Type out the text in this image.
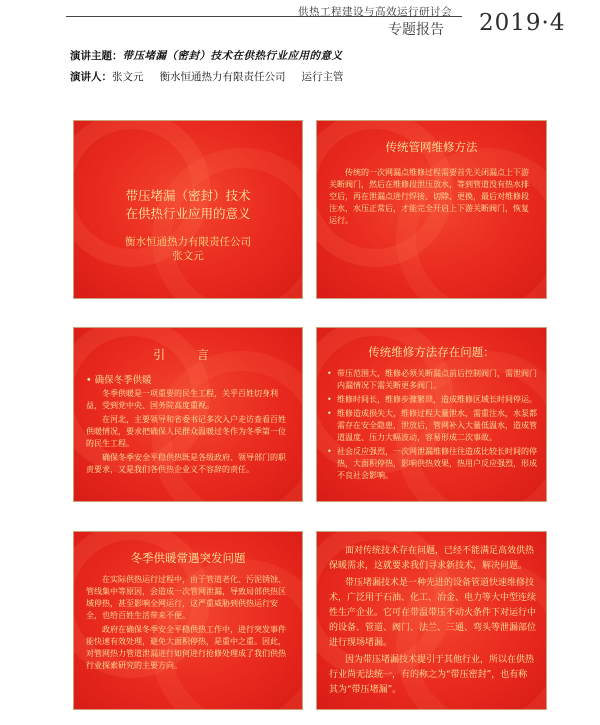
供热工程建设与高效运行研讨会
专题报告 2019·4
演讲主题：带压堵漏（密封）技术在供热行业应用的意义
演讲人：张文元 衡水恒通热力有限责任公司 运行主管
带压堵漏（密封）技术
在供热行业应用的意义
衡水恒通热力有限责任公司
张文元
传统管网维修方法

传统的一次网漏点维修过程需要首先关闭漏点上下游关断阀门，然后在维修段泄压放水，等到管道没有热水排空后，再在泄漏点进行焊接、切除、更换，最后对维修段注水，水压正常后，才能完全开启上下游关断阀门，恢复运行。

引 言
• 确保冬季供暖

冬季供暖是一项重要的民生工程，关乎百姓切身利益，受到党中央、国务院高度重视。

在河北，主要领导和省委书记多次入户走访查看百姓供暖情况，要求把确保人民群众温暖过冬作为冬季第一位的民生工程。

确保冬季安全平稳供热既是各级政府、领导部门的职责要求，又是我们各供热企业义不容辞的责任。

传统维修方法存在问题：
• 带压范围大，维修必须关断漏点前后控制阀门，需泄阀门内漏情况下需关断更多阀门。
• 维修时间长，维修步骤繁琐，造成维修区域长时间停运。
• 维修造成损失大，维修过程大量泄水，需重注水，水泵都需存在安全隐患，泄放后，管网补入大量低温水，造成管道温度、压力大幅波动，容易形成二次事故。
• 社会反应强烈，一次网泄漏维修往往造成比较长时间的停热，大面积停热，影响供热效果，热用户反应强烈，形成不良社会影响。
冬季供暖常遇突发问题

在实际供热运行过程中，由于管道老化、污泥锈蚀、管线集中等原因，会造成一次管网泄漏，导致局部供热区域停热，甚至影响全网运行，这严重威胁到供热运行安全，也给百姓生活带来不便。

政府在确保冬季安全平稳供热工作中，进行突发事件能快速有效处理，避免大面积停热，是重中之重。因此，对管网热力管道泄漏进行如何进行抢修处理成了我们供热行业探索研究的主要方向。

面对传统技术存在问题，已经不能满足高效供热保暖需求，这就要求我们寻求新技术，解决问题。

带压堵漏技术是一种先进的设备管道快速维修技术，广泛用于石油、化工、冶金、电力等大中型连续性生产企业。它可在带温带压不动火条件下对运行中的设备、管道、阀门、法兰、三通、弯头等泄漏部位进行现场堵漏。

因为带压堵漏技术提引于其他行业，所以在供热行业尚无法统一，有的称之为“带压密封”，也有称其为“带压堵漏”。
